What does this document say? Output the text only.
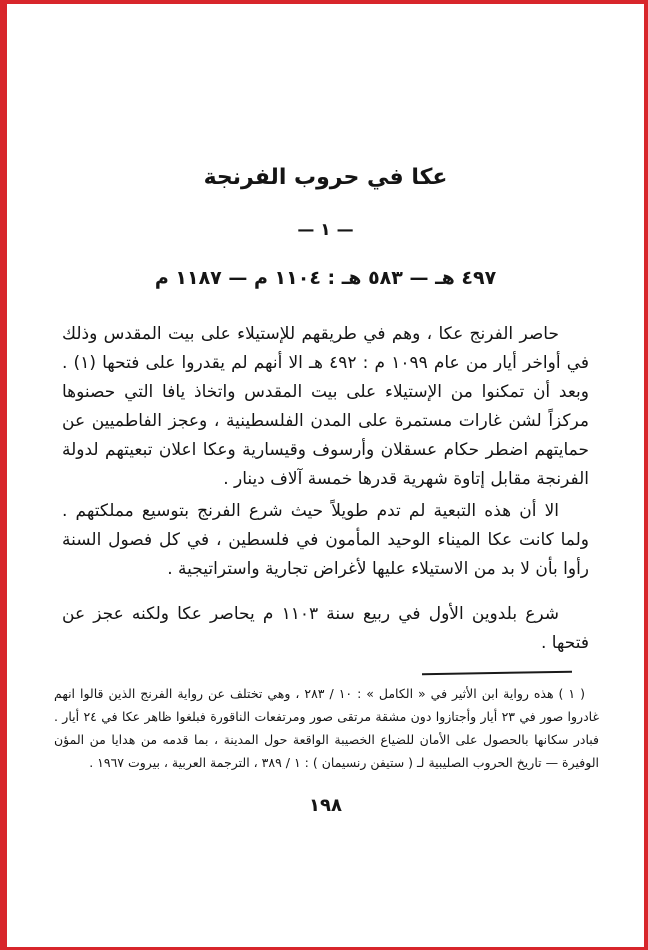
عكا في حروب الفرنجة
— ١ —
٤٩٧ هـ — ٥٨٣ هـ : ١١٠٤ م — ١١٨٧ م

حاصر الفرنج عكا ، وهم في طريقهم للإستيلاء على بيت المقدس وذلك في أواخر أيار من عام ١٠٩٩ م : ٤٩٢ هـ الا أنهم لم يقدروا على فتحها (١) . وبعد أن تمكنوا من الإستيلاء على بيت المقدس واتخاذ يافا التي حصنوها مركزاً لشن غارات مستمرة على المدن الفلسطينية ، وعجز الفاطميين عن حمايتهم اضطر حكام عسقلان وأرسوف وقيسارية وعكا اعلان تبعيتهم لدولة الفرنجة مقابل إتاوة شهرية قدرها خمسة آلاف دينار .

الا أن هذه التبعية لم تدم طويلاً حيث شرع الفرنج بتوسيع مملكتهم . ولما كانت عكا الميناء الوحيد المأمون في فلسطين ، في كل فصول السنة رأوا بأن لا بد من الاستيلاء عليها لأغراض تجارية واستراتيجية .

شرع بلدوين الأول في ربيع سنة ١١٠٣ م يحاصر عكا ولكنه عجز عن فتحها .

( ١ ) هذه رواية ابن الأثير في « الكامل » : ١٠ / ٢٨٣ ، وهي تختلف عن رواية الفرنج الذين قالوا انهم غادروا صور في ٢٣ أيار وأجتازوا دون مشقة مرتقى صور ومرتفعات الناقورة فبلغوا ظاهر عكا في ٢٤ أيار . فبادر سكانها بالحصول على الأمان للضياع الخصيبة الواقعة حول المدينة ، بما قدمه من هدايا من المؤن الوفيرة — تاريخ الحروب الصليبية لـ ( ستيفن رنسيمان ) : ١ / ٣٨٩ ، الترجمة العربية ، بيروت ١٩٦٧ .
١٩٨
